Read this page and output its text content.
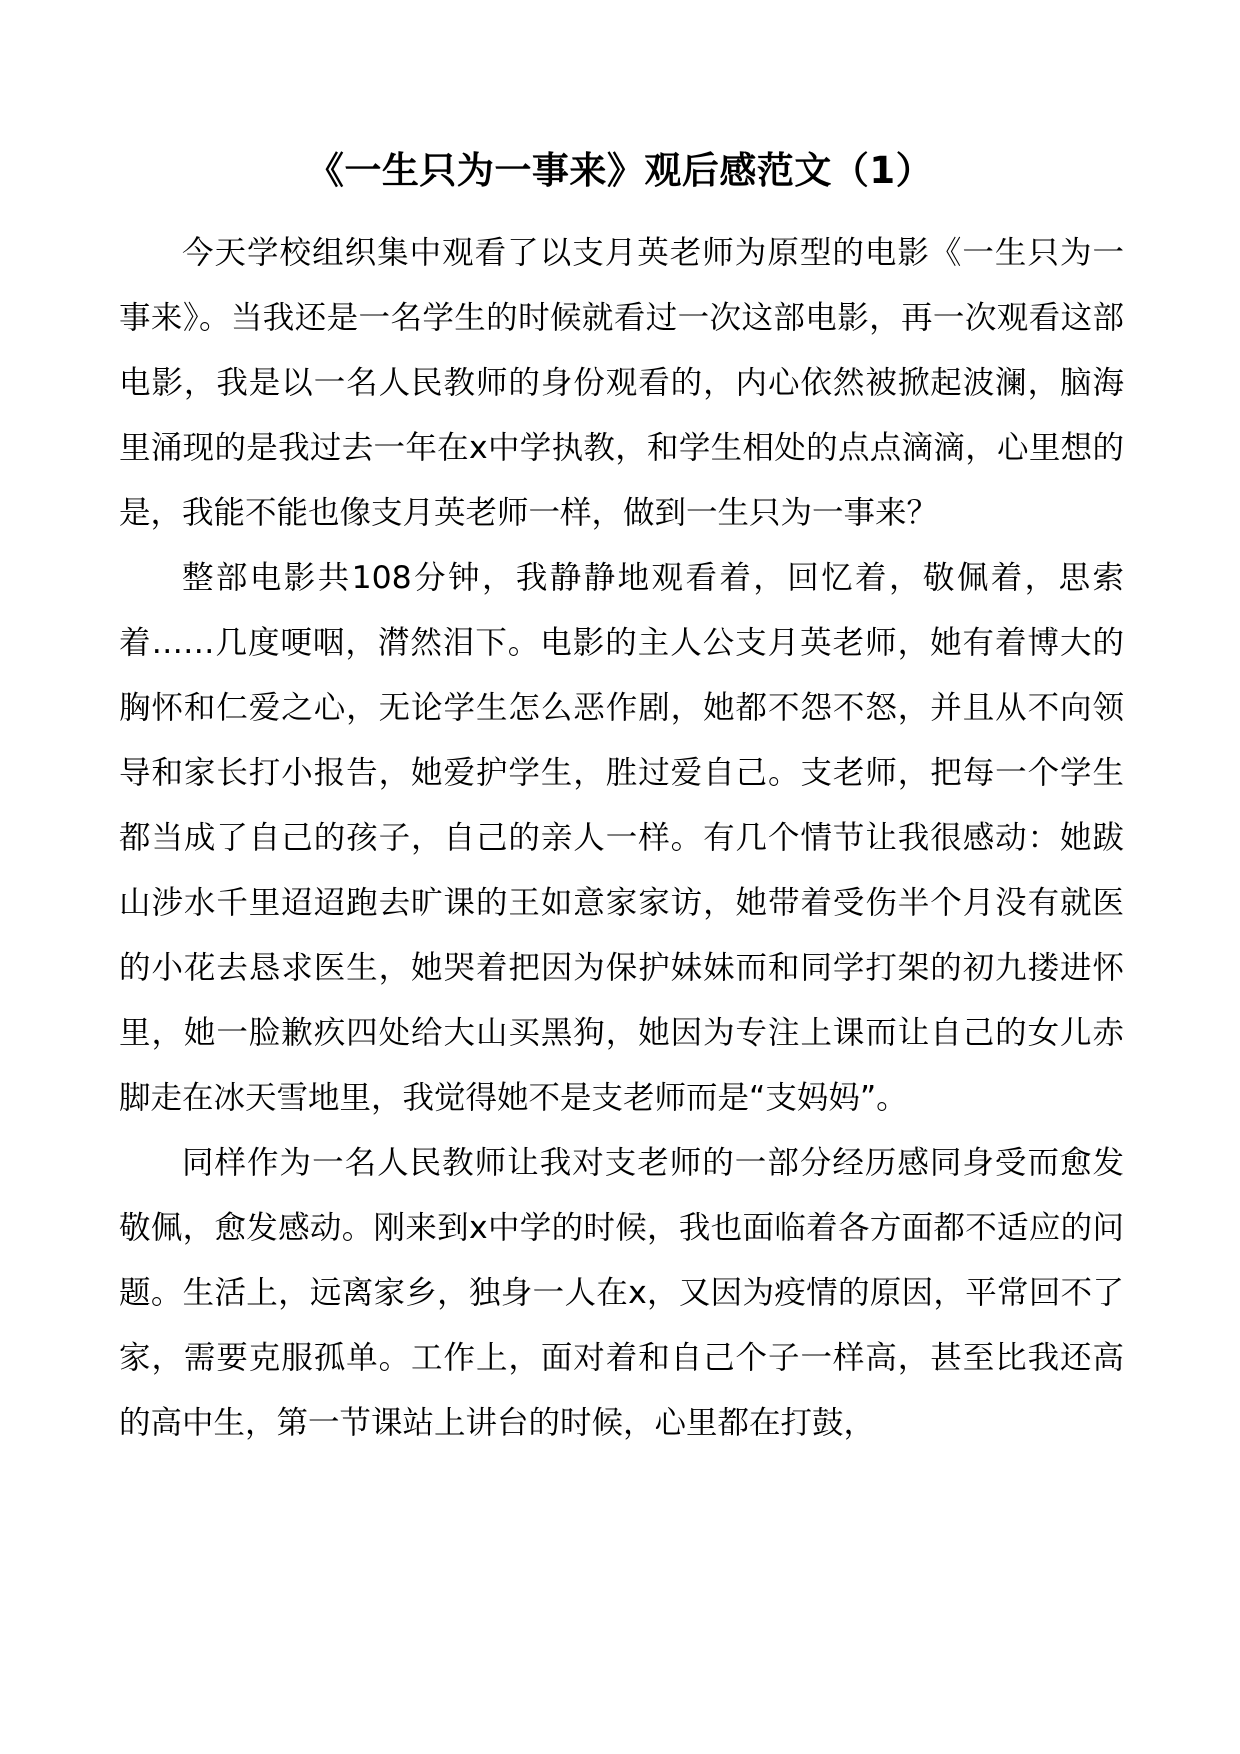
《一生只为一事来》观后感范文（1）

今天学校组织集中观看了以支月英老师为原型的电影《一生只为一事来》。当我还是一名学生的时候就看过一次这部电影，再一次观看这部电影，我是以一名人民教师的身份观看的，内心依然被掀起波澜，脑海里涌现的是我过去一年在x中学执教，和学生相处的点点滴滴，心里想的是，我能不能也像支月英老师一样，做到一生只为一事来？

整部电影共108分钟，我静静地观看着，回忆着，敬佩着，思索着……几度哽咽，潸然泪下。电影的主人公支月英老师，她有着博大的胸怀和仁爱之心，无论学生怎么恶作剧，她都不怨不怒，并且从不向领导和家长打小报告，她爱护学生，胜过爱自己。支老师，把每一个学生都当成了自己的孩子，自己的亲人一样。有几个情节让我很感动：她跋山涉水千里迢迢跑去旷课的王如意家家访，她带着受伤半个月没有就医的小花去恳求医生，她哭着把因为保护妹妹而和同学打架的初九搂进怀里，她一脸歉疚四处给大山买黑狗，她因为专注上课而让自己的女儿赤脚走在冰天雪地里，我觉得她不是支老师而是“支妈妈”。

同样作为一名人民教师让我对支老师的一部分经历感同身受而愈发敬佩，愈发感动。刚来到x中学的时候，我也面临着各方面都不适应的问题。生活上，远离家乡，独身一人在x，又因为疫情的原因，平常回不了家，需要克服孤单。工作上，面对着和自己个子一样高，甚至比我还高的高中生，第一节课站上讲台的时候，心里都在打鼓，
